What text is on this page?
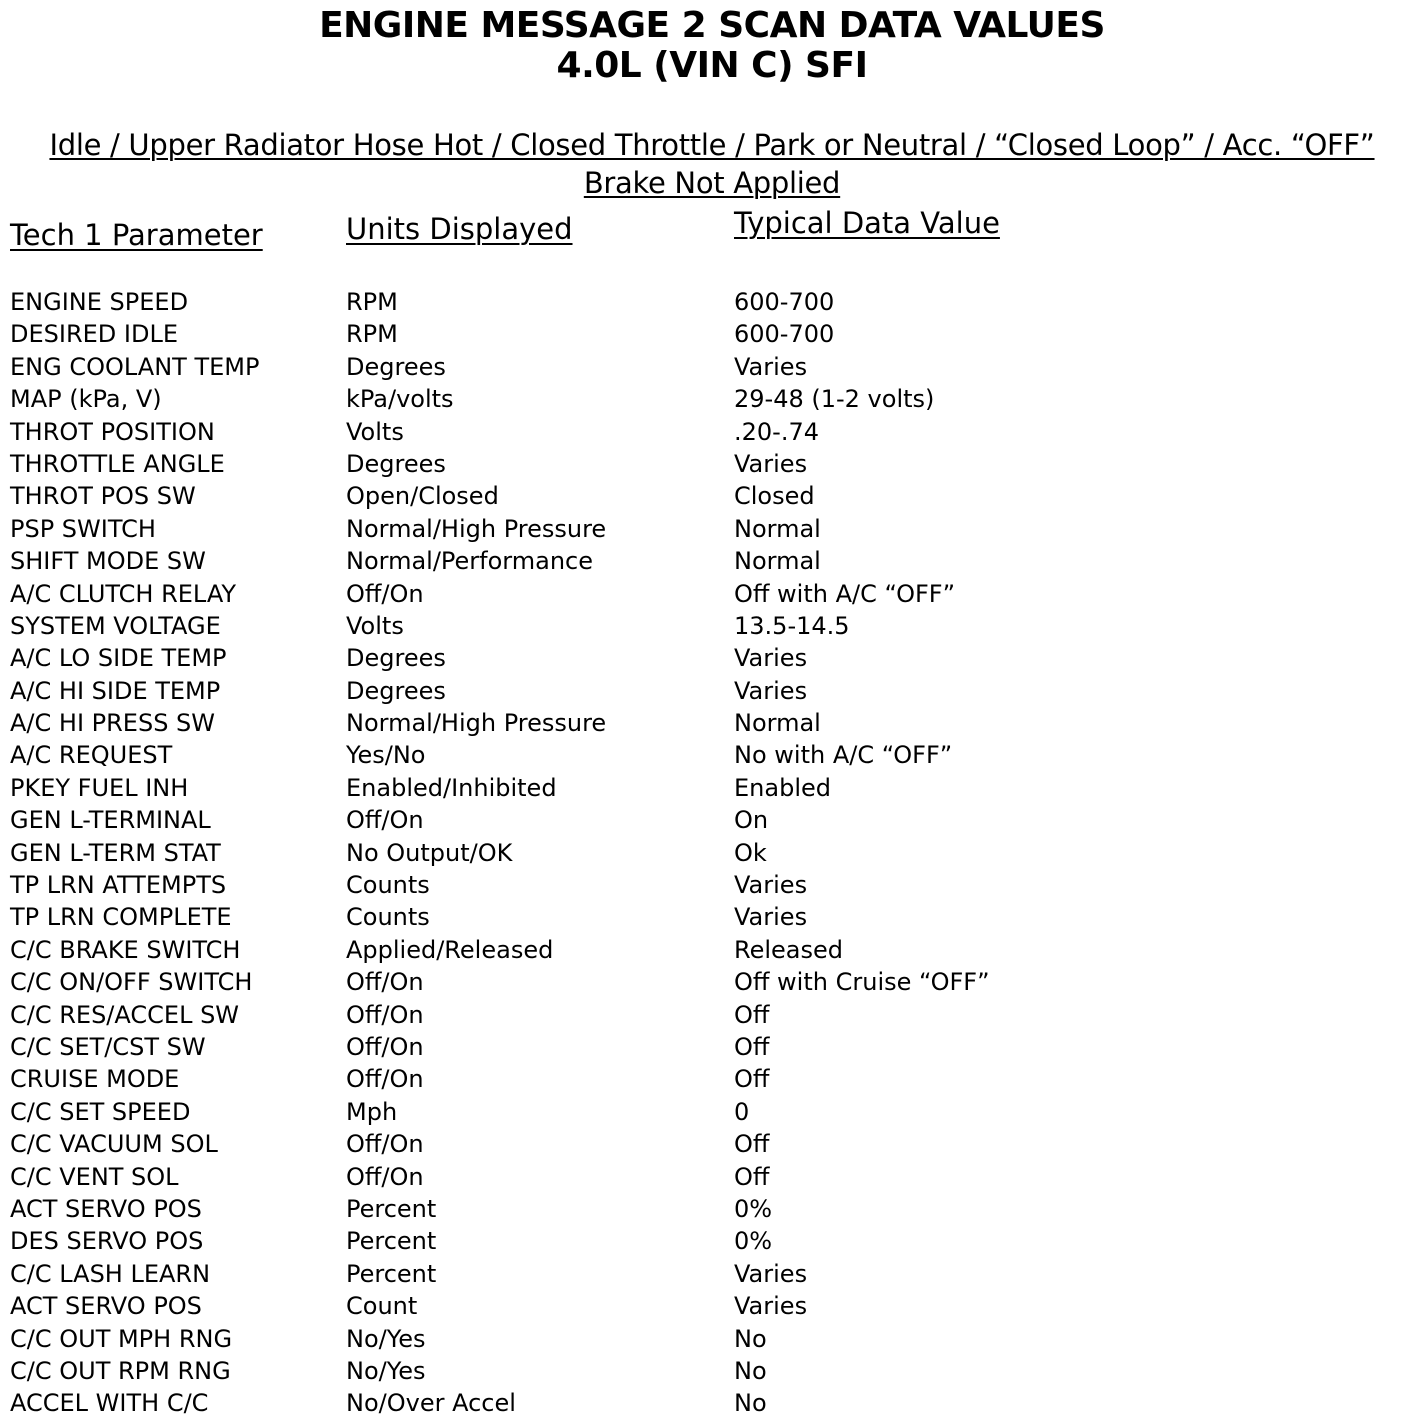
ENGINE MESSAGE 2 SCAN DATA VALUES
4.0L (VIN C) SFI
Idle / Upper Radiator Hose Hot / Closed Throttle / Park or Neutral / “Closed Loop” / Acc. “OFF”
Brake Not Applied
Tech 1 Parameter	Units Displayed	Typical Data Value
ENGINE SPEED	RPM	600-700
DESIRED IDLE	RPM	600-700
ENG COOLANT TEMP	Degrees	Varies
MAP (kPa, V)	kPa/volts	29-48 (1-2 volts)
THROT POSITION	Volts	.20-.74
THROTTLE ANGLE	Degrees	Varies
THROT POS SW	Open/Closed	Closed
PSP SWITCH	Normal/High Pressure	Normal
SHIFT MODE SW	Normal/Performance	Normal
A/C CLUTCH RELAY	Off/On	Off with A/C “OFF”
SYSTEM VOLTAGE	Volts	13.5-14.5
A/C LO SIDE TEMP	Degrees	Varies
A/C HI SIDE TEMP	Degrees	Varies
A/C HI PRESS SW	Normal/High Pressure	Normal
A/C REQUEST	Yes/No	No with A/C “OFF”
PKEY FUEL INH	Enabled/Inhibited	Enabled
GEN L-TERMINAL	Off/On	On
GEN L-TERM STAT	No Output/OK	Ok
TP LRN ATTEMPTS	Counts	Varies
TP LRN COMPLETE	Counts	Varies
C/C BRAKE SWITCH	Applied/Released	Released
C/C ON/OFF SWITCH	Off/On	Off with Cruise “OFF”
C/C RES/ACCEL SW	Off/On	Off
C/C SET/CST SW	Off/On	Off
CRUISE MODE	Off/On	Off
C/C SET SPEED	Mph	0
C/C VACUUM SOL	Off/On	Off
C/C VENT SOL	Off/On	Off
ACT SERVO POS	Percent	0%
DES SERVO POS	Percent	0%
C/C LASH LEARN	Percent	Varies
ACT SERVO POS	Count	Varies
C/C OUT MPH RNG	No/Yes	No
C/C OUT RPM RNG	No/Yes	No
ACCEL WITH C/C	No/Over Accel	No
